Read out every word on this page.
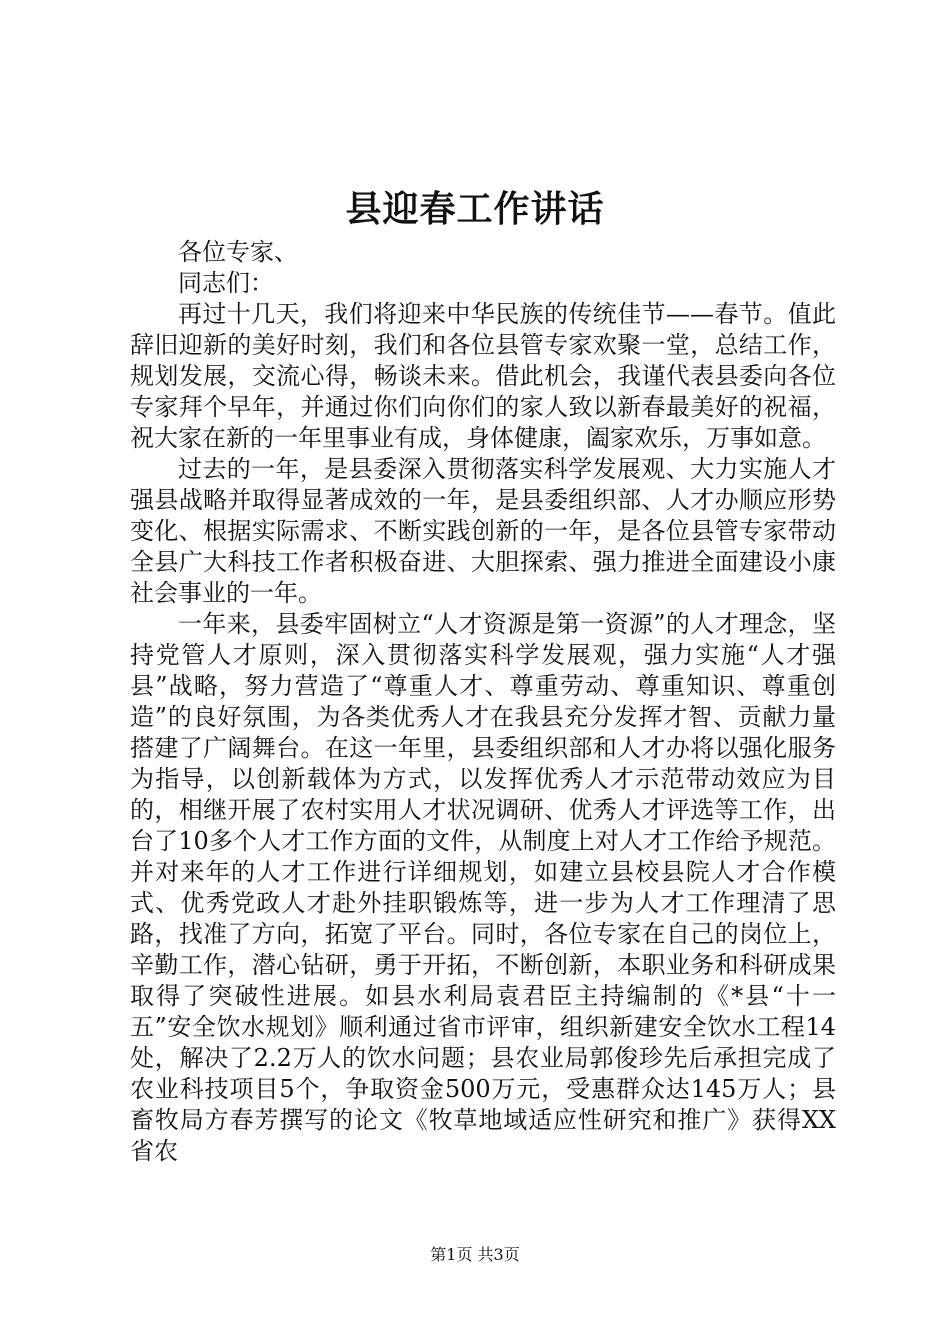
县迎春工作讲话

各位专家、

同志们：

再过十几天，我们将迎来中华民族的传统佳节——春节。值此辞旧迎新的美好时刻，我们和各位县管专家欢聚一堂，总结工作，规划发展，交流心得，畅谈未来。借此机会，我谨代表县委向各位专家拜个早年，并通过你们向你们的家人致以新春最美好的祝福，祝大家在新的一年里事业有成，身体健康，阖家欢乐，万事如意。

过去的一年，是县委深入贯彻落实科学发展观、大力实施人才强县战略并取得显著成效的一年，是县委组织部、人才办顺应形势变化、根据实际需求、不断实践创新的一年，是各位县管专家带动全县广大科技工作者积极奋进、大胆探索、强力推进全面建设小康社会事业的一年。

一年来，县委牢固树立“人才资源是第一资源”的人才理念，坚持党管人才原则，深入贯彻落实科学发展观，强力实施“人才强县”战略，努力营造了“尊重人才、尊重劳动、尊重知识、尊重创造”的良好氛围，为各类优秀人才在我县充分发挥才智、贡献力量搭建了广阔舞台。在这一年里，县委组织部和人才办将以强化服务为指导，以创新载体为方式，以发挥优秀人才示范带动效应为目的，相继开展了农村实用人才状况调研、优秀人才评选等工作，出台了10多个人才工作方面的文件，从制度上对人才工作给予规范。并对来年的人才工作进行详细规划，如建立县校县院人才合作模式、优秀党政人才赴外挂职锻炼等，进一步为人才工作理清了思路，找准了方向，拓宽了平台。同时，各位专家在自己的岗位上，辛勤工作，潜心钻研，勇于开拓，不断创新，本职业务和科研成果取得了突破性进展。如县水利局袁君臣主持编制的《*县“十一五”安全饮水规划》顺利通过省市评审，组织新建安全饮水工程14处，解决了2.2万人的饮水问题；县农业局郭俊珍先后承担完成了农业科技项目5个，争取资金500万元，受惠群众达145万人；县畜牧局方春芳撰写的论文《牧草地域适应性研究和推广》获得XX省农

第1页 共3页
